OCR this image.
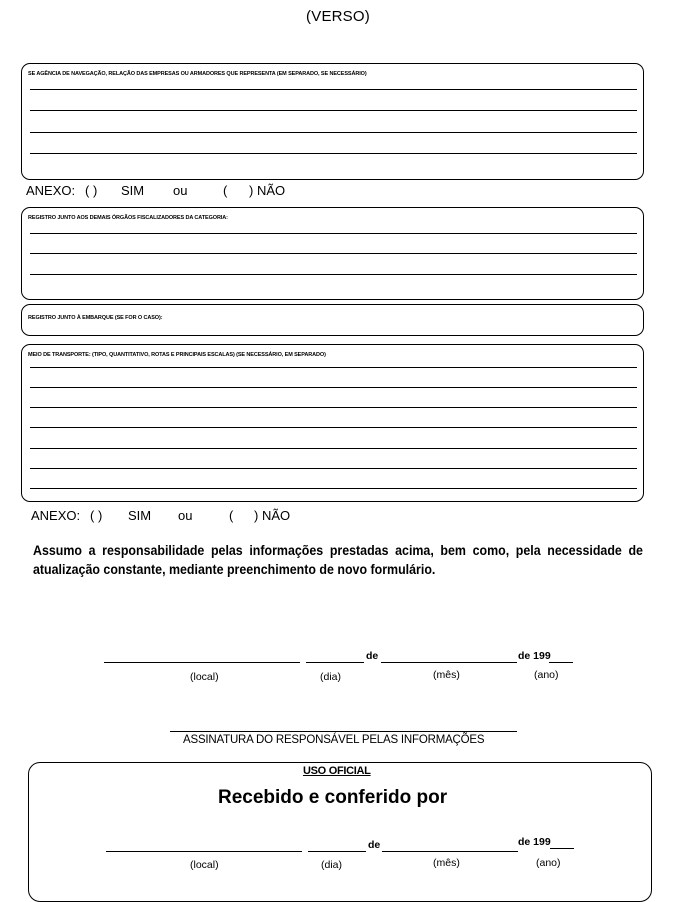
(VERSO)
SE AGÊNCIA DE NAVEGAÇÃO, RELAÇÃO DAS EMPRESAS OU ARMADORES QUE REPRESENTA (EM SEPARADO, SE NECESSÁRIO)
ANEXO: ( ) SIM ou	( ) NÃO
REGISTRO JUNTO AOS DEMAIS ÓRGÃOS FISCALIZADORES DA CATEGORIA:
REGISTRO JUNTO À EMBARQUE (SE FOR O CASO):
MEIO DE TRANSPORTE: (TIPO, QUANTITATIVO, ROTAS E PRINCIPAIS ESCALAS) (SE NECESSÁRIO, EM SEPARADO)
ANEXO: ( ) SIM ou	( ) NÃO
Assumo a responsabilidade pelas informações prestadas acima, bem como, pela necessidade de atualização constante, mediante preenchimento de novo formulário.
de	de 199
(local)	(dia)	(mês)	(ano)
ASSINATURA DO RESPONSÁVEL PELAS INFORMAÇÕES
USO OFICIAL
Recebido e conferido por
de	de 199
(local)	(dia)	(mês)	(ano)
